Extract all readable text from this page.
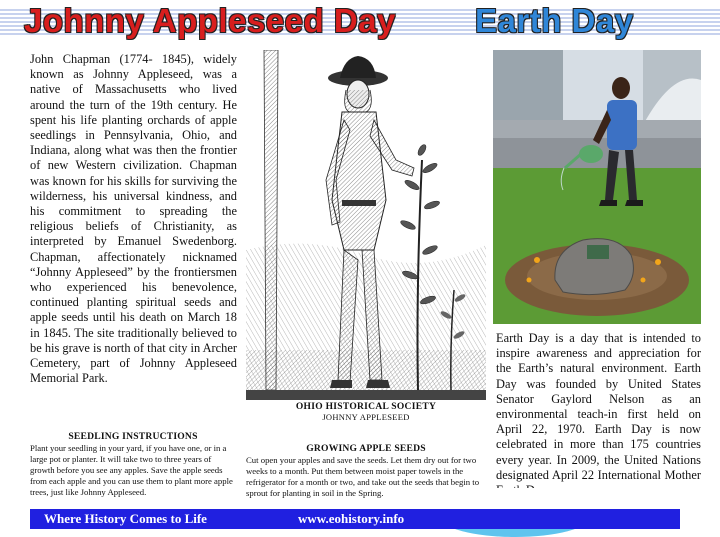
Johnny Appleseed Day Earth Day
John Chapman (1774- 1845), widely known as Johnny Appleseed, was a native of Massachusetts who lived around the turn of the 19th century. He spent his life planting orchards of apple seedlings in Pennsylvania, Ohio, and Indiana, along what was then the frontier of new Western civilization. Chapman was known for his skills for surviving the wilderness, his universal kindness, and his commitment to spreading the religious beliefs of Christianity, as interpreted by Emanuel Swedenborg. Chapman, affectionately nicknamed “Johnny Appleseed” by the frontiersmen who experienced his benevolence, continued planting spiritual seeds and apple seeds until his death on March 18 in 1845. The site traditionally believed to be his grave is north of that city in Archer Cemetery, part of Johnny Appleseed Memorial Park.
OHIO HISTORICAL SOCIETY
JOHNNY APPLESEED
Earth Day is a day that is intended to inspire awareness and appreciation for the Earth’s natural environment. Earth Day was founded by United States Senator Gaylord Nelson as an environmental teach-in first held on April 22, 1970. Earth Day is now celebrated in more than 175 countries every year. In 2009, the United Nations designated April 22 International Mother
SEEDLING INSTRUCTIONS
Plant your seedling in your yard, if you have one, or in a large pot or planter. It will take two to three years of growth before you see any apples. Save the apple seeds from each apple and you can use them to plant more apple trees, just like Johnny Appleseed.
GROWING APPLE SEEDS
Cut open your apples and save the seeds. Let them dry out for two weeks to a month. Put them between moist paper towels in the refrigerator for a month or two, and take out the seeds that begin to sprout for planting in soil in the Spring.
Where History Comes to Life	www.eohistory.info
